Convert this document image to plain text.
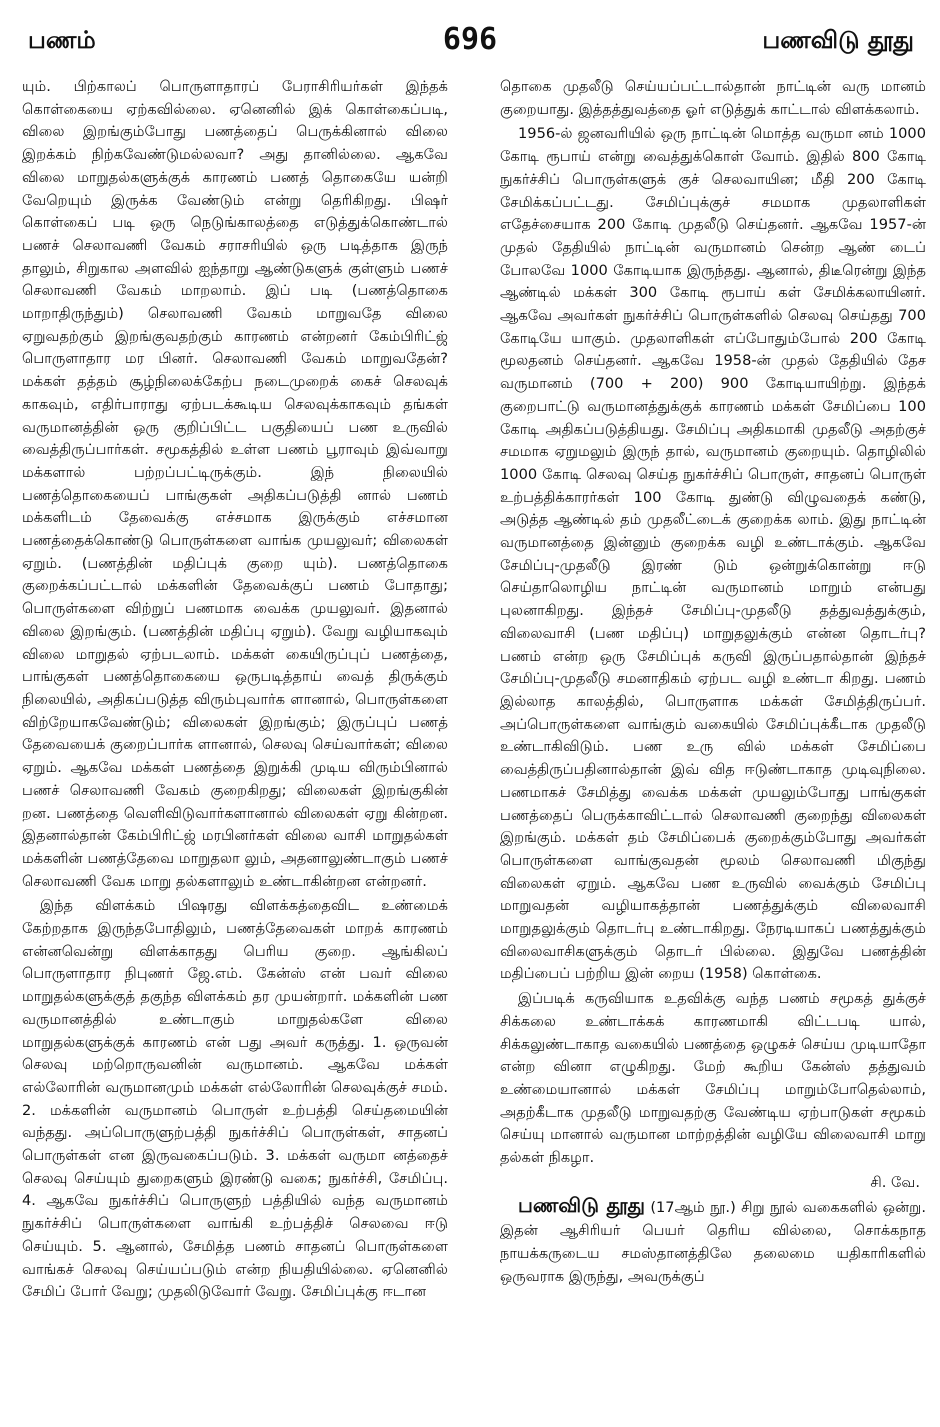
பணம்	696	பணவிடு தூது

யும். பிற்காலப் பொருளாதாரப் பேராசிரியர்கள் இந்தக் கொள்கையை ஏற்கவில்லை. ஏனெனில் இக் கொள்கைப்படி, விலை இறங்கும்போது பணத்தைப் பெருக்கினால் விலை இறக்கம் நிற்கவேண்டுமல்லவா? அது தானில்லை. ஆகவே விலை மாறுதல்களுக்குக் காரணம் பணத் தொகையே யன்றி வேறெயும் இருக்க வேண்டும் என்று தெரிகிறது. பிஷர் கொள்கைப் படி ஒரு நெடுங்காலத்தை எடுத்துக்கொண்டால் பணச் செலாவணி வேகம் சராசரியில் ஒரு படித்தாக இருந் தாலும், சிறுகால அளவில் ஐந்தாறு ஆண்டுகளுக் குள்ளும் பணச் செலாவணி வேகம் மாறலாம். இப் படி (பணத்தொகை மாறாதிருந்தும்) செலாவணி வேகம் மாறுவதே விலை ஏறுவதற்கும் இறங்குவதற்கும் காரணம் என்றனர் கேம்பிரிட்ஜ் பொருளாதார மர பினர். செலாவணி வேகம் மாறுவதேன்? மக்கள் தத்தம் சூழ்நிலைக்கேற்ப நடைமுறைக் கைச் செலவுக் காகவும், எதிர்பாராது ஏற்படக்கூடிய செலவுக்காகவும் தங்கள் வருமானத்தின் ஒரு குறிப்பிட்ட பகுதியைப் பண உருவில் வைத்திருப்பார்கள். சமூகத்தில் உள்ள பணம் பூராவும் இவ்வாறு மக்களால் பற்றப்பட்டிருக்கும். இந் நிலையில் பணத்தொகையைப் பாங்குகள் அதிகப்படுத்தி னால் பணம் மக்களிடம் தேவைக்கு எச்சமாக இருக்கும் எச்சமான பணத்தைக்கொண்டு பொருள்களை வாங்க முயலுவர்; விலைகள் ஏறும். (பணத்தின் மதிப்புக் குறை யும்). பணத்தொகை குறைக்கப்பட்டால் மக்களின் தேவைக்குப் பணம் போதாது; பொருள்களை விற்றுப் பணமாக வைக்க முயலுவர். இதனால் விலை இறங்கும். (பணத்தின் மதிப்பு ஏறும்). வேறு வழியாகவும் விலை மாறுதல் ஏற்படலாம். மக்கள் கையிருப்புப் பணத்தை, பாங்குகள் பணத்தொகையை ஒருபடித்தாய் வைத் திருக்கும் நிலையில், அதிகப்படுத்த விரும்புவார்க ளானால், பொருள்களை விற்றேயாகவேண்டும்; விலைகள் இறங்கும்; இருப்புப் பணத் தேவையைக் குறைப்பார்க ளானால், செலவு செய்வார்கள்; விலை ஏறும். ஆகவே மக்கள் பணத்தை இறுக்கி முடிய விரும்பினால் பணச் செலாவணி வேகம் குறைகிறது; விலைகள் இறங்குகின் றன. பணத்தை வெளிவிடுவார்களானால் விலைகள் ஏறு கின்றன. இதனால்தான் கேம்பிரிட்ஜ் மரபினர்கள் விலை வாசி மாறுதல்கள் மக்களின் பணத்தேவை மாறுதலா லும், அதனாலுண்டாகும் பணச் செலாவணி வேக மாறு தல்களாலும் உண்டாகின்றன என்றனர்.

இந்த விளக்கம் பிஷரது விளக்கத்தைவிட உண்மைக் கேற்றதாக இருந்தபோதிலும், பணத்தேவைகள் மாறக் காரணம் என்னவென்று விளக்காதது பெரிய குறை. ஆங்கிலப் பொருளாதார நிபுணர் ஜே.எம். கேன்ஸ் என் பவர் விலை மாறுதல்களுக்குத் தகுந்த விளக்கம் தர முயன்றார். மக்களின் பண வருமானத்தில் உண்டாகும் மாறுதல்களே விலை மாறுதல்களுக்குக் காரணம் என் பது அவர் கருத்து. 1. ஒருவன் செலவு மற்றொருவனின் வருமானம். ஆகவே மக்கள் எல்லோரின் வருமானமும் மக்கள் எல்லோரின் செலவுக்குச் சமம். 2. மக்களின் வருமானம் பொருள் உற்பத்தி செய்தமையின் வந்தது. அப்பொருளுற்பத்தி நுகர்ச்சிப் பொருள்கள், சாதனப் பொருள்கள் என இருவகைப்படும். 3. மக்கள் வருமா னத்தைச் செலவு செய்யும் துறைகளும் இரண்டு வகை; நுகர்ச்சி, சேமிப்பு. 4. ஆகவே நுகர்ச்சிப் பொருளுற் பத்தியில் வந்த வருமானம் நுகர்ச்சிப் பொருள்களை வாங்கி உற்பத்திச் செலவை ஈடு செய்யும். 5. ஆனால், சேமித்த பணம் சாதனப் பொருள்களை வாங்கச் செலவு செய்யப்படும் என்ற நியதியில்லை. ஏனெனில் சேமிப் போர் வேறு; முதலிடுவோர் வேறு. சேமிப்புக்கு ஈடான

தொகை முதலீடு செய்யப்பட்டால்தான் நாட்டின் வரு மானம் குறையாது. இத்தத்துவத்தை ஓர் எடுத்துக் காட்டால் விளக்கலாம்.

1956-ல் ஜனவரியில் ஒரு நாட்டின் மொத்த வருமா னம் 1000 கோடி ரூபாய் என்று வைத்துக்கொள் வோம். இதில் 800 கோடி நுகர்ச்சிப் பொருள்களுக் குச் செலவாயின; மீதி 200 கோடி சேமிக்கப்பட்டது. சேமிப்புக்குச் சமமாக முதலாளிகள் எதேச்சையாக 200 கோடி முதலீடு செய்தனர். ஆகவே 1957-ன் முதல் தேதியில் நாட்டின் வருமானம் சென்ற ஆண் டைப் போலவே 1000 கோடியாக இருந்தது. ஆனால், திடீரென்று இந்த ஆண்டில் மக்கள் 300 கோடி ரூபாய் கள் சேமிக்கலாயினர். ஆகவே அவர்கள் நுகர்ச்சிப் பொருள்களில் செலவு செய்தது 700 கோடியே யாகும். முதலாளிகள் எப்போதும்போல் 200 கோடி மூலதனம் செய்தனர். ஆகவே 1958-ன் முதல் தேதியில் தேச வருமானம் (700 + 200) 900 கோடியாயிற்று. இந்தக் குறைபாட்டு வருமானத்துக்குக் காரணம் மக்கள் சேமிப்பை 100 கோடி அதிகப்படுத்தியது. சேமிப்பு அதிகமாகி முதலீடு அதற்குச் சமமாக ஏறுமலும் இருந் தால், வருமானம் குறையும். தொழிலில் 1000 கோடி செலவு செய்த நுகர்ச்சிப் பொருள், சாதனப் பொருள் உற்பத்திக்காரர்கள் 100 கோடி துண்டு விழுவதைக் கண்டு, அடுத்த ஆண்டில் தம் முதலீட்டைக் குறைக்க லாம். இது நாட்டின் வருமானத்தை இன்னும் குறைக்க வழி உண்டாக்கும். ஆகவே சேமிப்பு-முதலீடு இரண் டும் ஒன்றுக்கொன்று ஈடு செய்தாலொழிய நாட்டின் வருமானம் மாறும் என்பது புலனாகிறது. இந்தச் சேமிப்பு-முதலீடு தத்துவத்துக்கும், விலைவாசி (பண மதிப்பு) மாறுதலுக்கும் என்ன தொடர்பு? பணம் என்ற ஒரு சேமிப்புக் கருவி இருப்பதால்தான் இந்தச் சேமிப்பு-முதலீடு சமனாதிகம் ஏற்பட வழி உண்டா கிறது. பணம் இல்லாத காலத்தில், பொருளாக மக்கள் சேமித்திருப்பர். அப்பொருள்களை வாங்கும் வகையில் சேமிப்புக்கீடாக முதலீடு உண்டாகிவிடும். பண உரு வில் மக்கள் சேமிப்பை வைத்திருப்பதினால்தான் இவ் வித ஈடுண்டாகாத முடிவுநிலை. பணமாகச் சேமித்து வைக்க மக்கள் முயலும்போது பாங்குகள் பணத்தைப் பெருக்காவிட்டால் செலாவணி குறைந்து விலைகள் இறங்கும். மக்கள் தம் சேமிப்பைக் குறைக்கும்போது அவர்கள் பொருள்களை வாங்குவதன் மூலம் செலாவணி மிகுந்து விலைகள் ஏறும். ஆகவே பண உருவில் வைக்கும் சேமிப்பு மாறுவதன் வழியாகத்தான் பணத்துக்கும் விலைவாசி மாறுதலுக்கும் தொடர்பு உண்டாகிறது. நேரடியாகப் பணத்துக்கும் விலைவாசிகளுக்கும் தொடர் பில்லை. இதுவே பணத்தின் மதிப்பைப் பற்றிய இன் றைய (1958) கொள்கை.

இப்படிக் கருவியாக உதவிக்கு வந்த பணம் சமூகத் துக்குச் சிக்கலை உண்டாக்கக் காரணமாகி விட்டபடி யால், சிக்கலுண்டாகாத வகையில் பணத்தை ஒழுகச் செய்ய முடியாதோ என்ற வினா எழுகிறது. மேற் கூறிய கேன்ஸ் தத்துவம் உண்மையானால் மக்கள் சேமிப்பு மாறும்போதெல்லாம், அதற்கீடாக முதலீடு மாறுவதற்கு வேண்டிய ஏற்பாடுகள் சமூகம் செய்யு மானால் வருமான மாற்றத்தின் வழியே விலைவாசி மாறு தல்கள் நிகழா.

சி. வே.

பணவிடு தூது (17ஆம் நூ.) சிறு நூல் வகைகளில் ஒன்று. இதன் ஆசிரியர் பெயர் தெரிய வில்லை, சொக்கநாத நாயக்கருடைய சமஸ்தானத்திலே தலைமை யதிகாரிகளில் ஒருவராக இருந்து, அவருக்குப்
